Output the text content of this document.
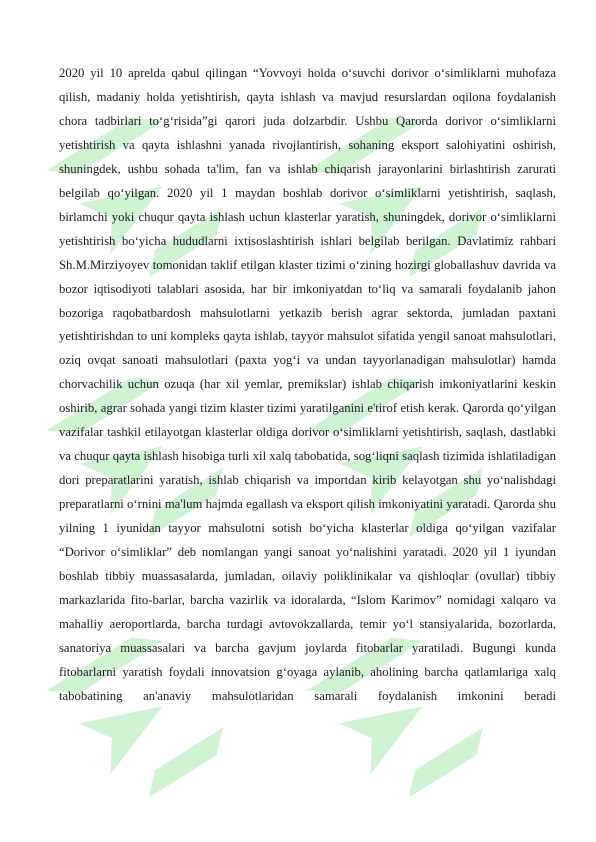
2020 yil 10 aprelda qabul qilingan “Yovvoyi holda o‘suvchi dorivor o‘simliklarni muhofaza qilish, madaniy holda yetishtirish, qayta ishlash va mavjud resurslardan oqilona foydalanish chora tadbirlari to‘g‘risida”gi qarori juda dolzarbdir. Ushbu Qarorda dorivor o‘simliklarni yetishtirish va qayta ishlashni yanada rivojlantirish, sohaning eksport salohiyatini oshirish, shuningdek, ushbu sohada ta'lim, fan va ishlab chiqarish jarayonlarini birlashtirish zarurati belgilab qo‘yilgan. 2020 yil 1 maydan boshlab dorivor o‘simliklarni yetishtirish, saqlash, birlamchi yoki chuqur qayta ishlash uchun klasterlar yaratish, shuningdek, dorivor o‘simliklarni yetishtirish bo‘yicha hududlarni ixtisoslashtirish ishlari belgilab berilgan. Davlatimiz rahbari Sh.M.Mirziyoyev tomonidan taklif etilgan klaster tizimi o‘zining hozirgi globallashuv davrida va bozor iqtisodiyoti talablari asosida, har bir imkoniyatdan to‘liq va samarali foydalanib jahon bozoriga raqobatbardosh mahsulotlarni yetkazib berish agrar sektorda, jumladan paxtani yetishtirishdan to uni kompleks qayta ishlab, tayyor mahsulot sifatida yengil sanoat mahsulotlari, oziq ovqat sanoati mahsulotlari (paxta yog‘i va undan tayyorlanadigan mahsulotlar) hamda chorvachilik uchun ozuqa (har xil yemlar, premikslar) ishlab chiqarish imkoniyatlarini keskin oshirib, agrar sohada yangi tizim klaster tizimi yaratilganini e'tirof etish kerak. Qarorda qo‘yilgan vazifalar tashkil etilayotgan klasterlar oldiga dorivor o‘simliklarni yetishtirish, saqlash, dastlabki va chuqur qayta ishlash hisobiga turli xil xalq tabobatida, sog‘liqni saqlash tizimida ishlatiladigan dori preparatlarini yaratish, ishlab chiqarish va importdan kirib kelayotgan shu yo‘nalishdagi preparatlarni o‘rnini ma'lum hajmda egallash va eksport qilish imkoniyatini yaratadi. Qarorda shu yilning 1 iyunidan tayyor mahsulotni sotish bo‘yicha klasterlar oldiga qo‘yilgan vazifalar “Dorivor o‘simliklar” deb nomlangan yangi sanoat yo‘nalishini yaratadi. 2020 yil 1 iyundan boshlab tibbiy muassasalarda, jumladan, oilaviy poliklinikalar va qishloqlar (ovullar) tibbiy markazlarida fito-barlar, barcha vazirlik va idoralarda, “Islom Karimov” nomidagi xalqaro va mahalliy aeroportlarda, barcha turdagi avtovokzallarda, temir yo‘l stansiyalarida, bozorlarda, sanatoriya muassasalari va barcha gavjum joylarda fitobarlar yaratiladi. Bugungi kunda fitobarlarni yaratish foydali innovatsion g‘oyaga aylanib, aholining barcha qatlamlariga xalq tabobatining an'anaviy mahsulotlaridan samarali foydalanish imkonini beradi
